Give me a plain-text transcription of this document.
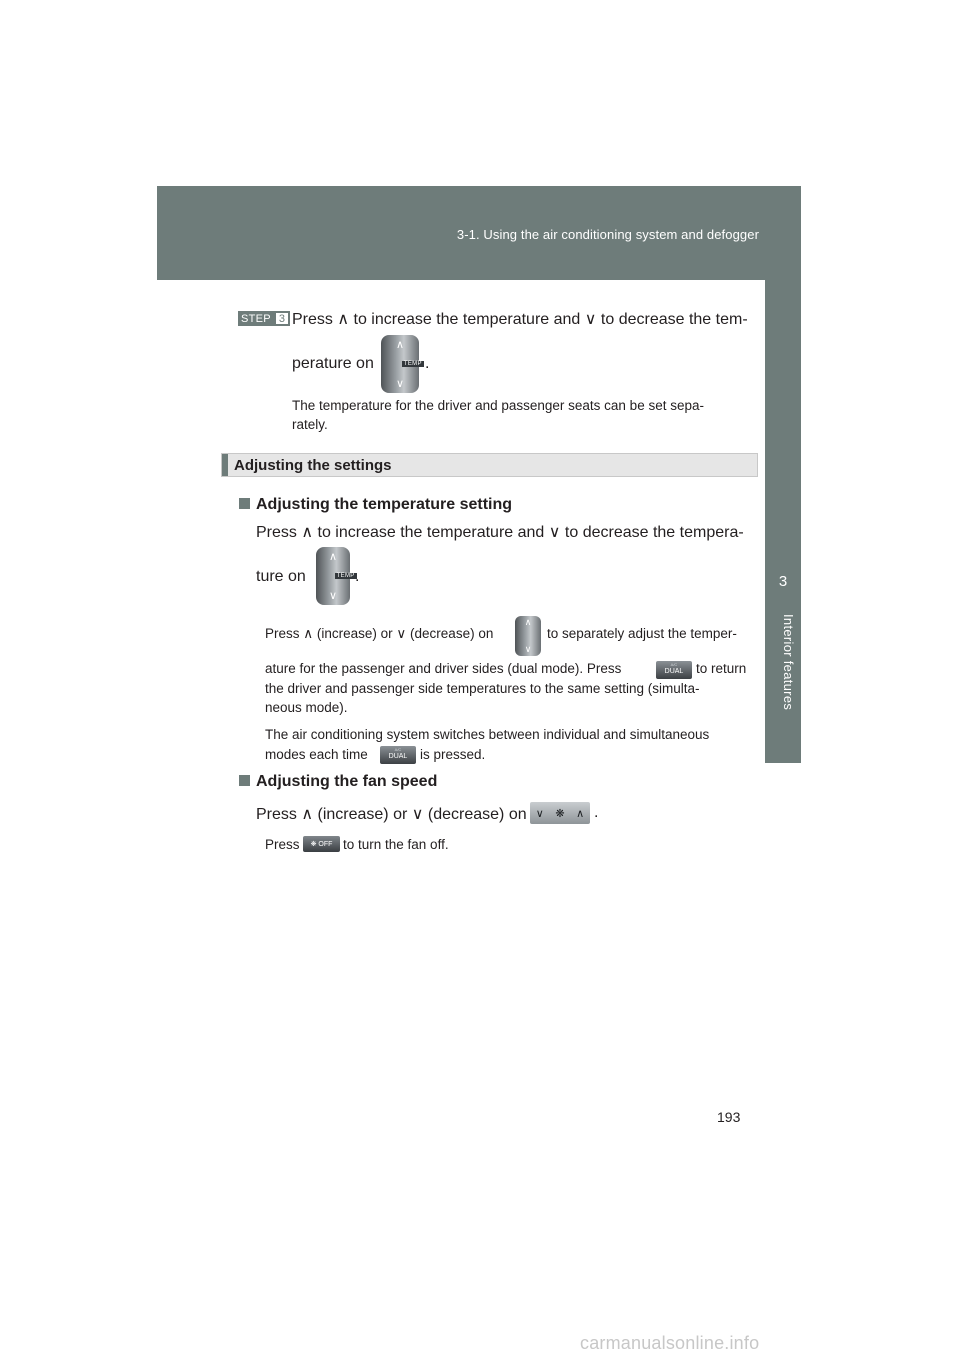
3-1. Using the air conditioning system and defogger
3
Interior features
STEP 3 Press ∧ to increase the temperature and ∨ to decrease the tem-
perature on
∧
TEMP
∨
.
The temperature for the driver and passenger seats can be set sepa-
rately.
Adjusting the settings
Adjusting the temperature setting
Press ∧ to increase the temperature and ∨ to decrease the tempera-
ture on
∧
TEMP
∨
.
Press ∧ (increase) or ∨ (decrease) on
∧
∨
to separately adjust the temper-
ature for the passenger and driver sides (dual mode). Press	A/C
DUAL to return
the driver and passenger side temperatures to the same setting (simulta-
neous mode).
The air conditioning system switches between individual and simultaneous
modes each time	A/C
DUAL is pressed.
Adjusting the fan speed
Press ∧ (increase) or ∨ (decrease) on ∨ ❋ ∧ .
Press ❋ OFF to turn the fan off.
193
carmanualsonline.info
